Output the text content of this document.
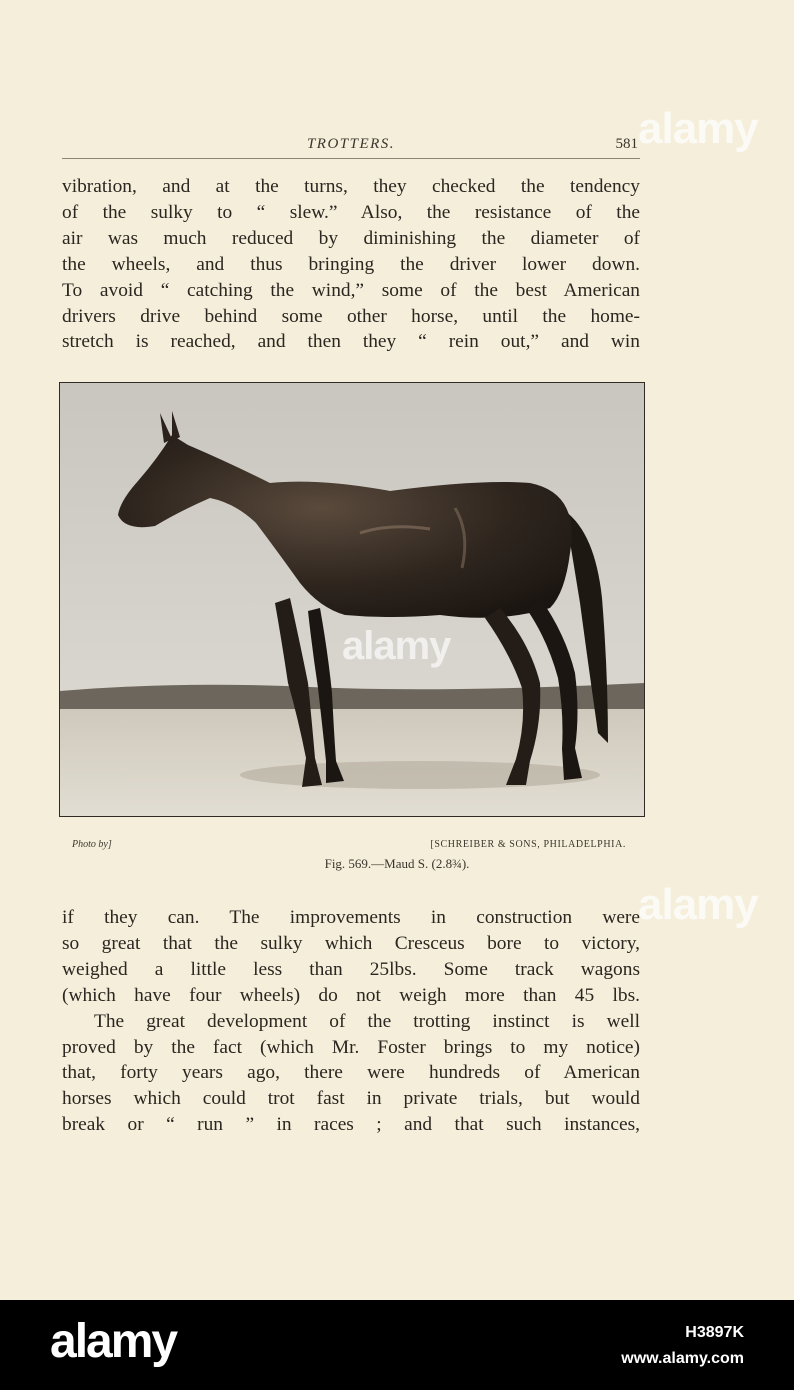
TROTTERS.	581

vibration, and at the turns, they checked the tendency
of the sulky to “ slew.” Also, the resistance of the
air was much reduced by diminishing the diameter of
the wheels, and thus bringing the driver lower down.
To avoid “ catching the wind,” some of the best American
drivers drive behind some other horse, until the home-
stretch is reached, and then they “ rein out,” and win

Photo by]	[SCHREIBER & SONS, PHILADELPHIA.
Fig. 569.—Maud S. (2.8¾).

if they can. The improvements in construction were
so great that the sulky which Cresceus bore to victory,
weighed a little less than 25lbs. Some track wagons
(which have four wheels) do not weigh more than 45 lbs.
The great development of the trotting instinct is well
proved by the fact (which Mr. Foster brings to my notice)
that, forty years ago, there were hundreds of American
horses which could trot fast in private trials, but would
break or “ run ” in races ; and that such instances,

alamy
alamy
alamy
alamy	H3897K
www.alamy.com
